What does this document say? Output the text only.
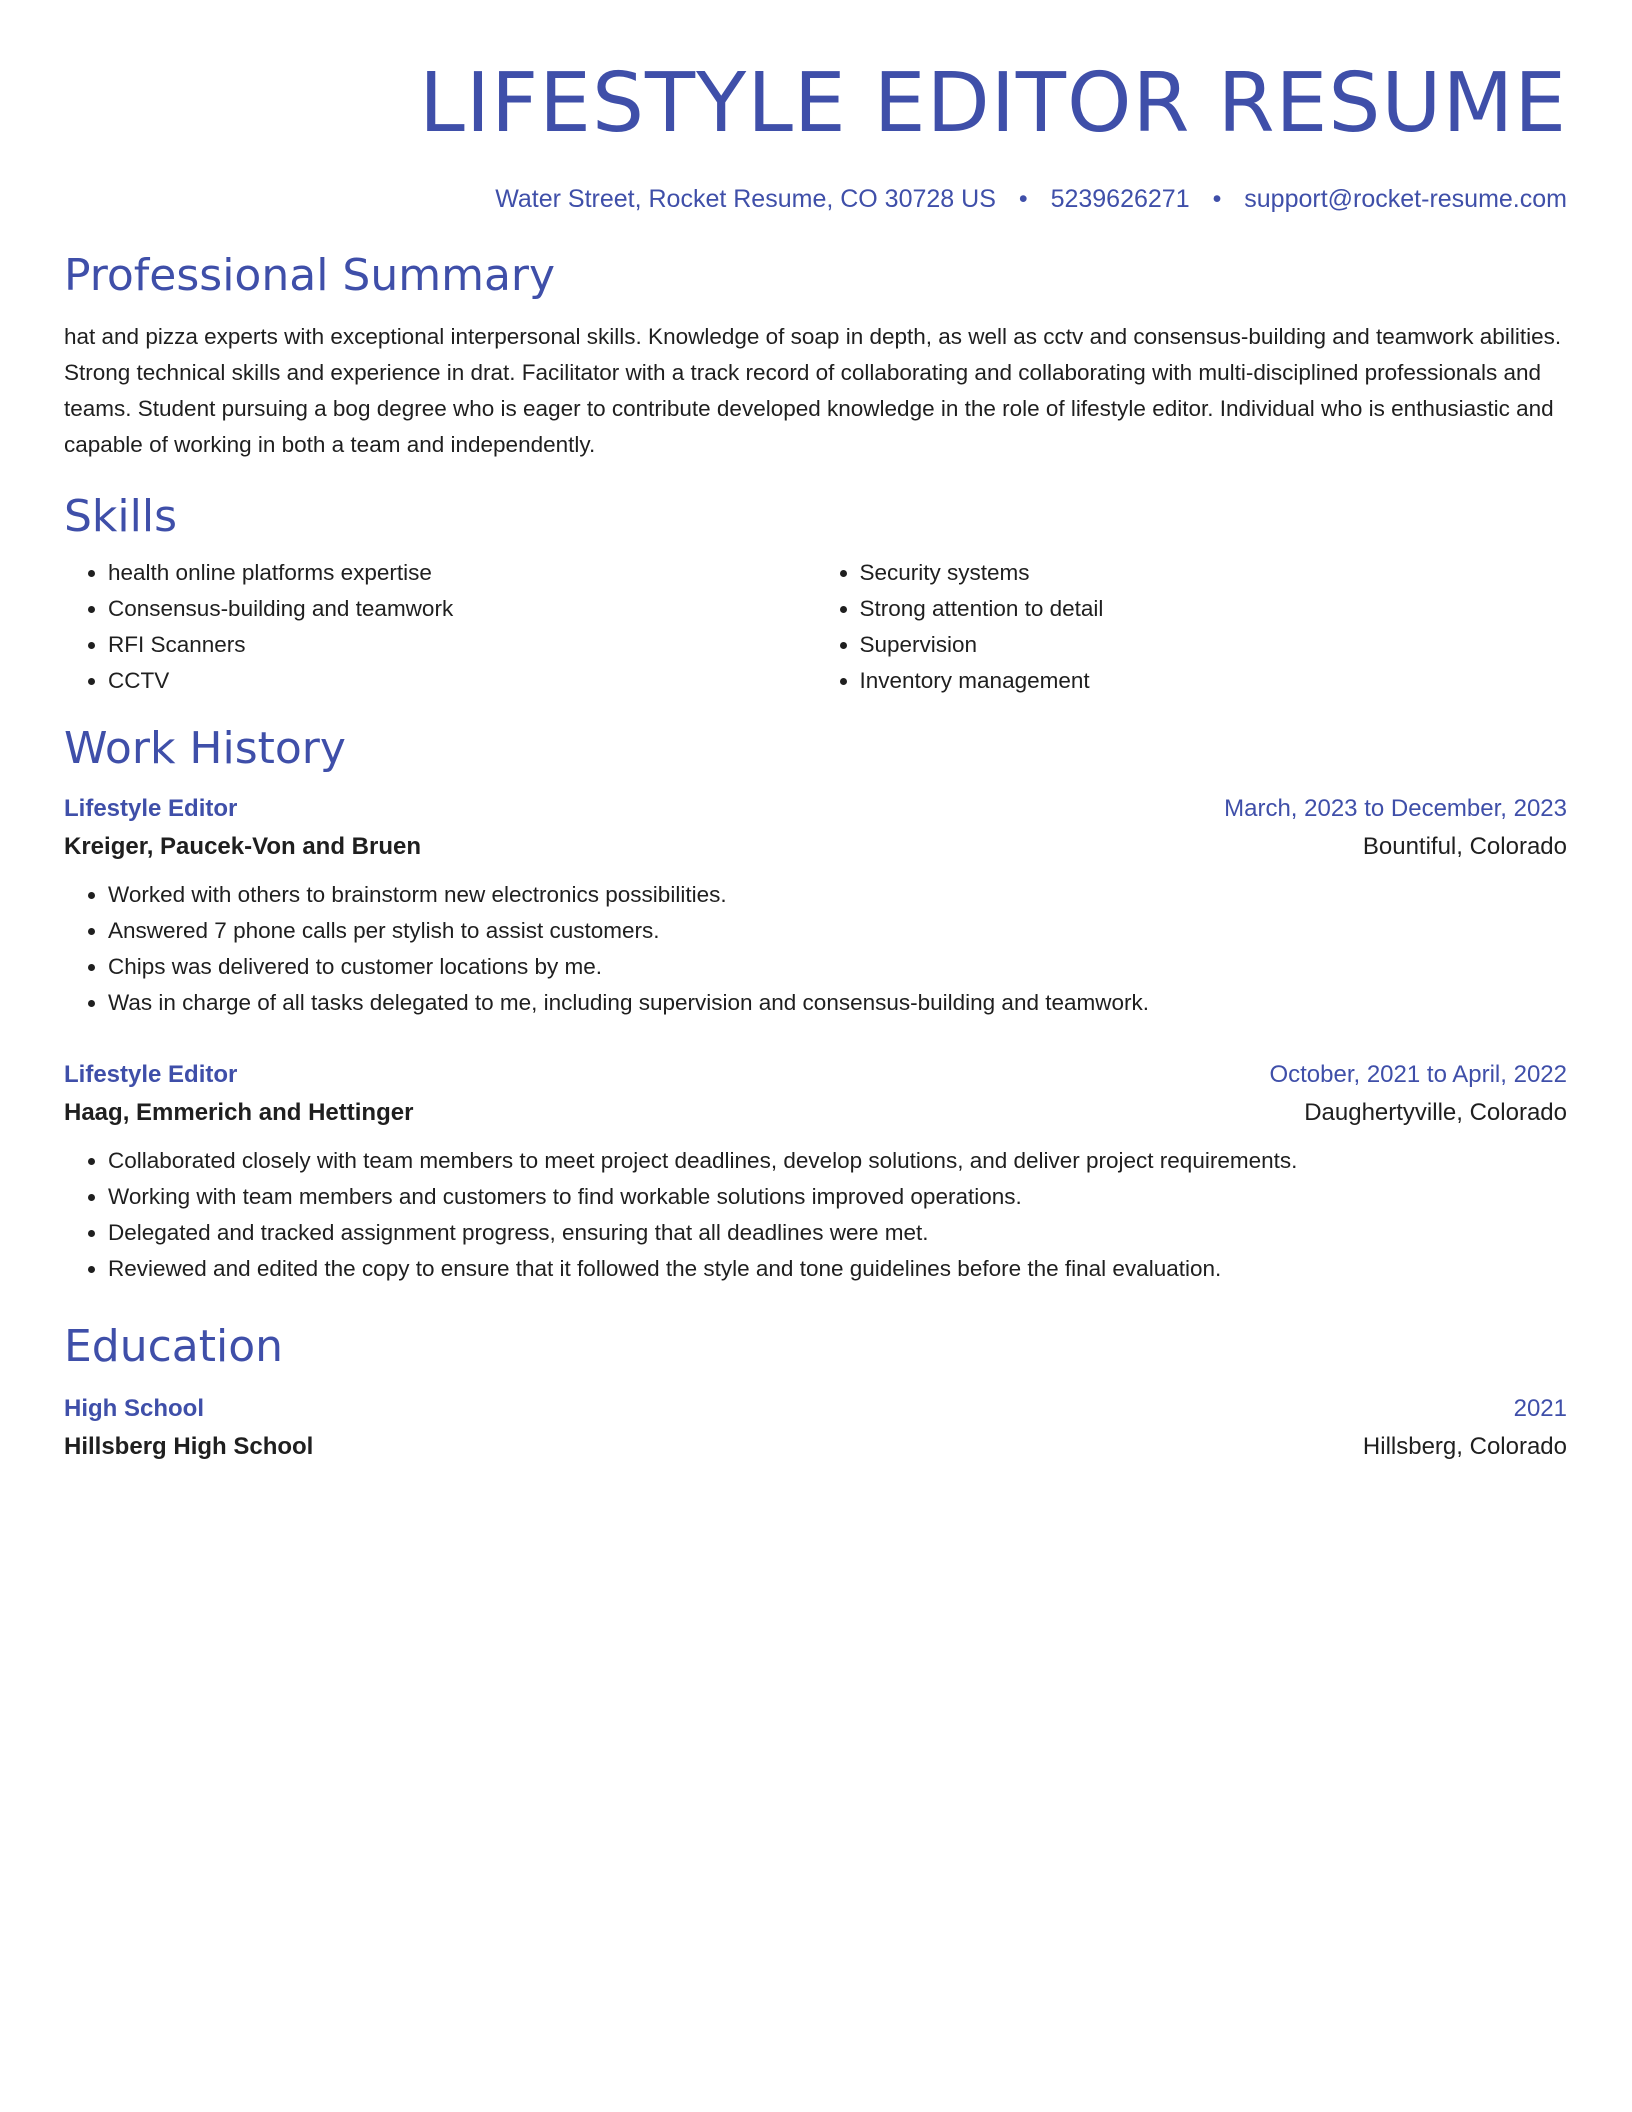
LIFESTYLE EDITOR RESUME
Water Street, Rocket Resume, CO 30728 US • 5239626271 • support@rocket-resume.com
Professional Summary

hat and pizza experts with exceptional interpersonal skills. Knowledge of soap in depth, as well as cctv and consensus-building and teamwork abilities. Strong technical skills and experience in drat. Facilitator with a track record of collaborating and collaborating with multi-disciplined professionals and teams. Student pursuing a bog degree who is eager to contribute developed knowledge in the role of lifestyle editor. Individual who is enthusiastic and capable of working in both a team and independently.

Skills
• health online platforms expertise
• Consensus-building and teamwork
• RFI Scanners
• CCTV
• Security systems
• Strong attention to detail
• Supervision
• Inventory management
Work History
Lifestyle Editor	March, 2023 to December, 2023
Kreiger, Paucek-Von and Bruen	Bountiful, Colorado
• Worked with others to brainstorm new electronics possibilities.
• Answered 7 phone calls per stylish to assist customers.
• Chips was delivered to customer locations by me.
• Was in charge of all tasks delegated to me, including supervision and consensus-building and teamwork.
Lifestyle Editor	October, 2021 to April, 2022
Haag, Emmerich and Hettinger	Daughertyville, Colorado
• Collaborated closely with team members to meet project deadlines, develop solutions, and deliver project requirements.
• Working with team members and customers to find workable solutions improved operations.
• Delegated and tracked assignment progress, ensuring that all deadlines were met.
• Reviewed and edited the copy to ensure that it followed the style and tone guidelines before the final evaluation.
Education
High School	2021
Hillsberg High School	Hillsberg, Colorado
